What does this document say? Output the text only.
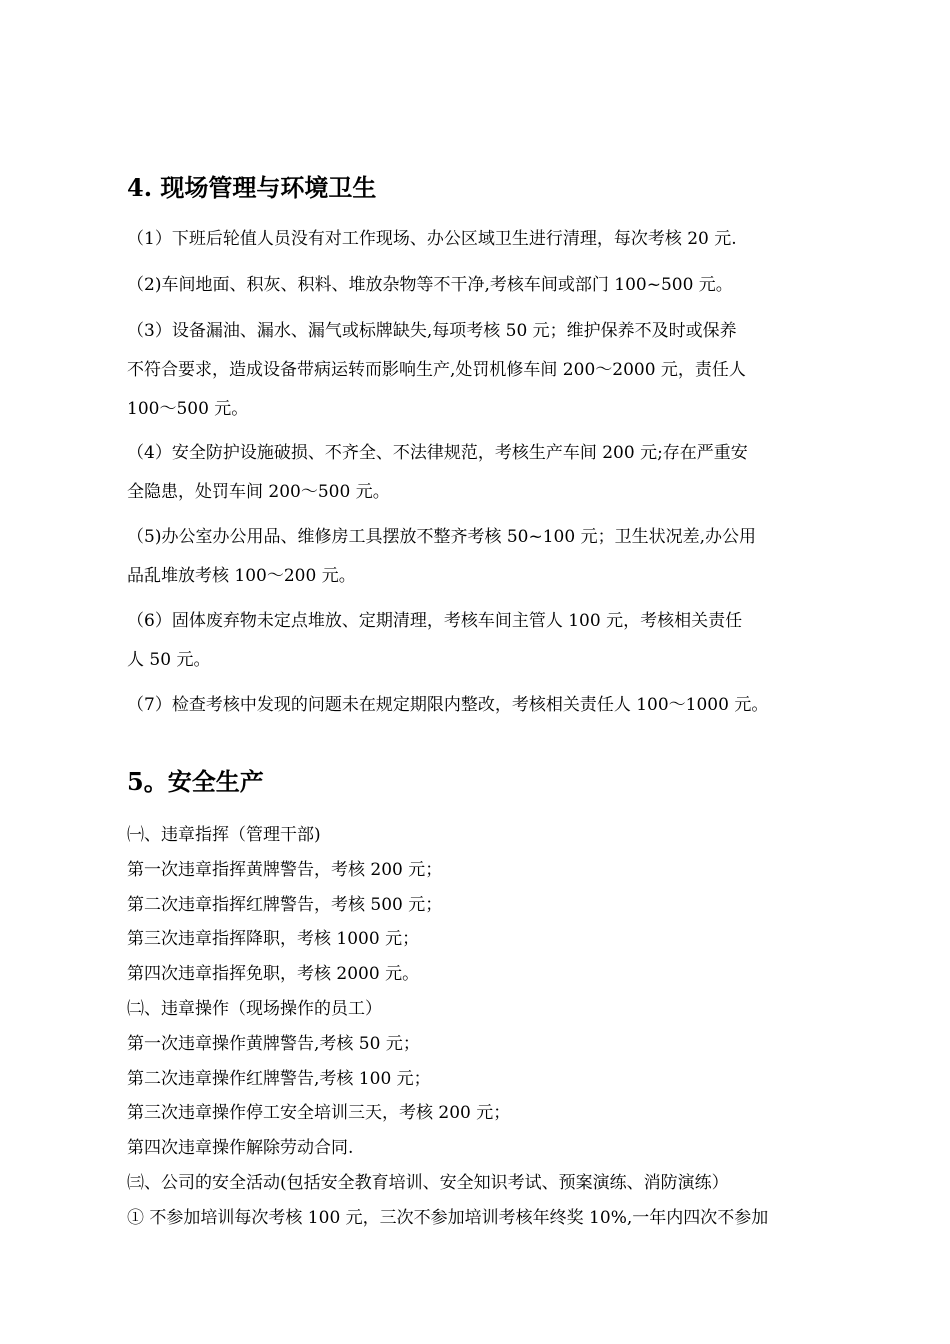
4. 现场管理与环境卫生
（1）下班后轮值人员没有对工作现场、办公区域卫生进行清理，每次考核 20 元.
（2)车间地面、积灰、积料、堆放杂物等不干净,考核车间或部门 100~500 元。
（3）设备漏油、漏水、漏气或标牌缺失,每项考核 50 元；维护保养不及时或保养
不符合要求，造成设备带病运转而影响生产,处罚机修车间 200～2000 元，责任人
100～500 元。
（4）安全防护设施破损、不齐全、不法律规范，考核生产车间 200 元;存在严重安
全隐患，处罚车间 200～500 元。
（5)办公室办公用品、维修房工具摆放不整齐考核 50~100 元；卫生状况差,办公用
品乱堆放考核 100～200 元。
（6）固体废弃物未定点堆放、定期清理，考核车间主管人 100 元，考核相关责任
人 50 元。
（7）检查考核中发现的问题未在规定期限内整改，考核相关责任人 100～1000 元。
5。安全生产
㈠、违章指挥（管理干部)
第一次违章指挥黄牌警告，考核 200 元；
第二次违章指挥红牌警告，考核 500 元；
第三次违章指挥降职，考核 1000 元；
第四次违章指挥免职，考核 2000 元。
㈡、违章操作（现场操作的员工）
第一次违章操作黄牌警告,考核 50 元；
第二次违章操作红牌警告,考核 100 元；
第三次违章操作停工安全培训三天，考核 200 元；
第四次违章操作解除劳动合同.
㈢、公司的安全活动(包括安全教育培训、安全知识考试、预案演练、消防演练）
① 不参加培训每次考核 100 元，三次不参加培训考核年终奖 10%,一年内四次不参加
